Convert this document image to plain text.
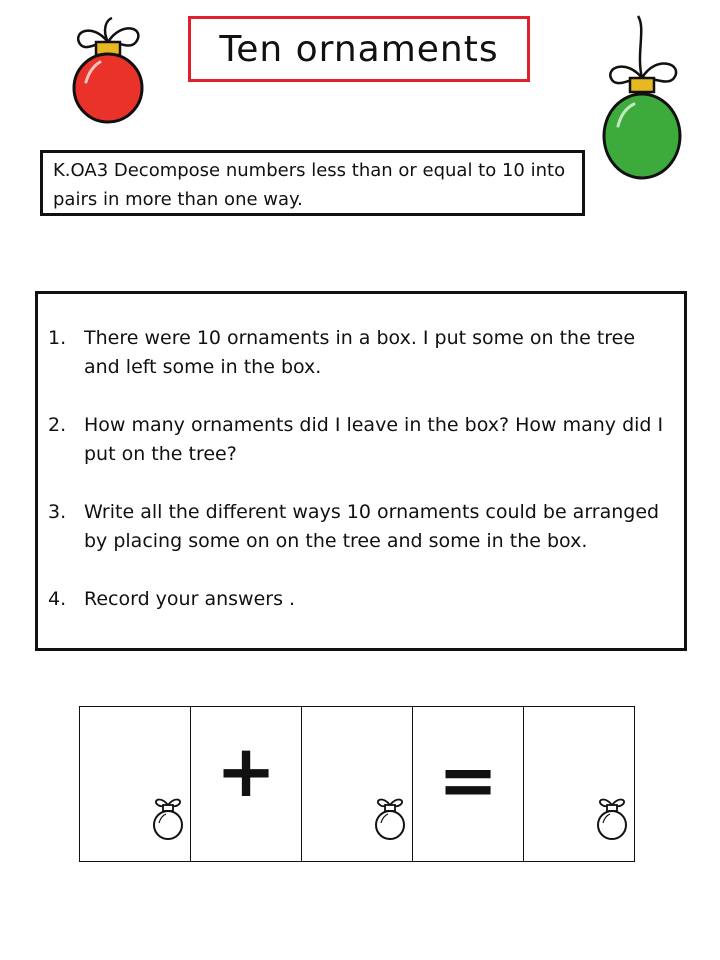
Ten ornaments
K.OA3 Decompose numbers less than or equal to 10 into pairs in more than one way.
1. There were 10 ornaments in a box. I put some on the tree and left some in the box.
2. How many ornaments did I leave in the box? How many did I put on the tree?
3. Write all the different ways 10 ornaments could be arranged by placing some on on the tree and some in the box.
4. Record your answers .
+ =
